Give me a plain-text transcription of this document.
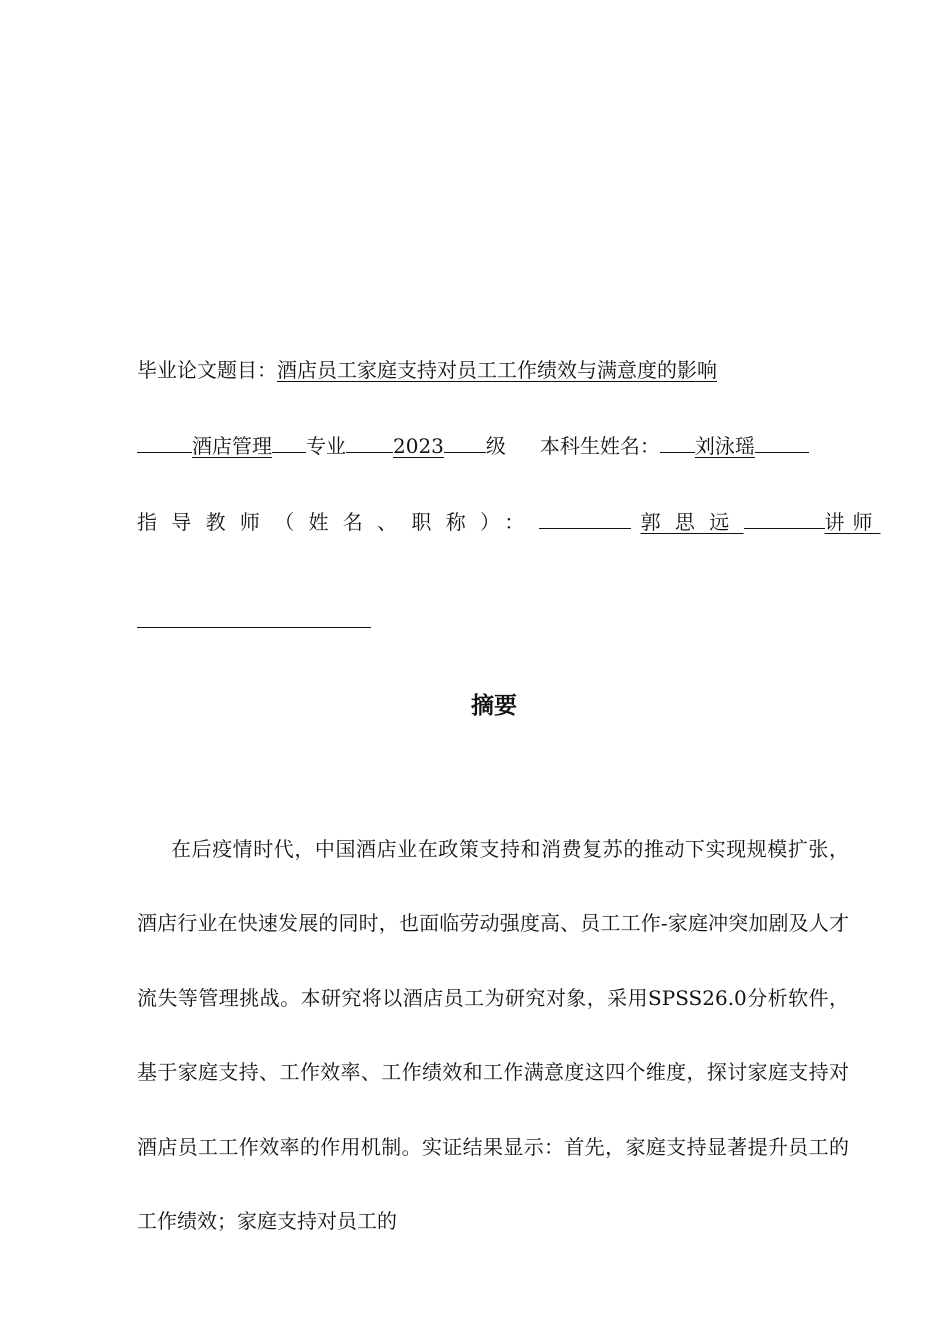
毕业论文题目：酒店员工家庭支持对员工工作绩效与满意度的影响
酒店管理 专业 2023 级 本科生姓名： 刘泳瑶
指导教师（姓名、职称）：	郭思远	讲师
摘要

在后疫情时代，中国酒店业在政策支持和消费复苏的推动下实现规模扩张，酒店行业在快速发展的同时，也面临劳动强度高、员工工作-家庭冲突加剧及人才流失等管理挑战。本研究将以酒店员工为研究对象，采用SPSS26.0分析软件，基于家庭支持、工作效率、工作绩效和工作满意度这四个维度，探讨家庭支持对酒店员工工作效率的作用机制。实证结果显示：首先，家庭支持显著提升员工的工作绩效；家庭支持对员工的
